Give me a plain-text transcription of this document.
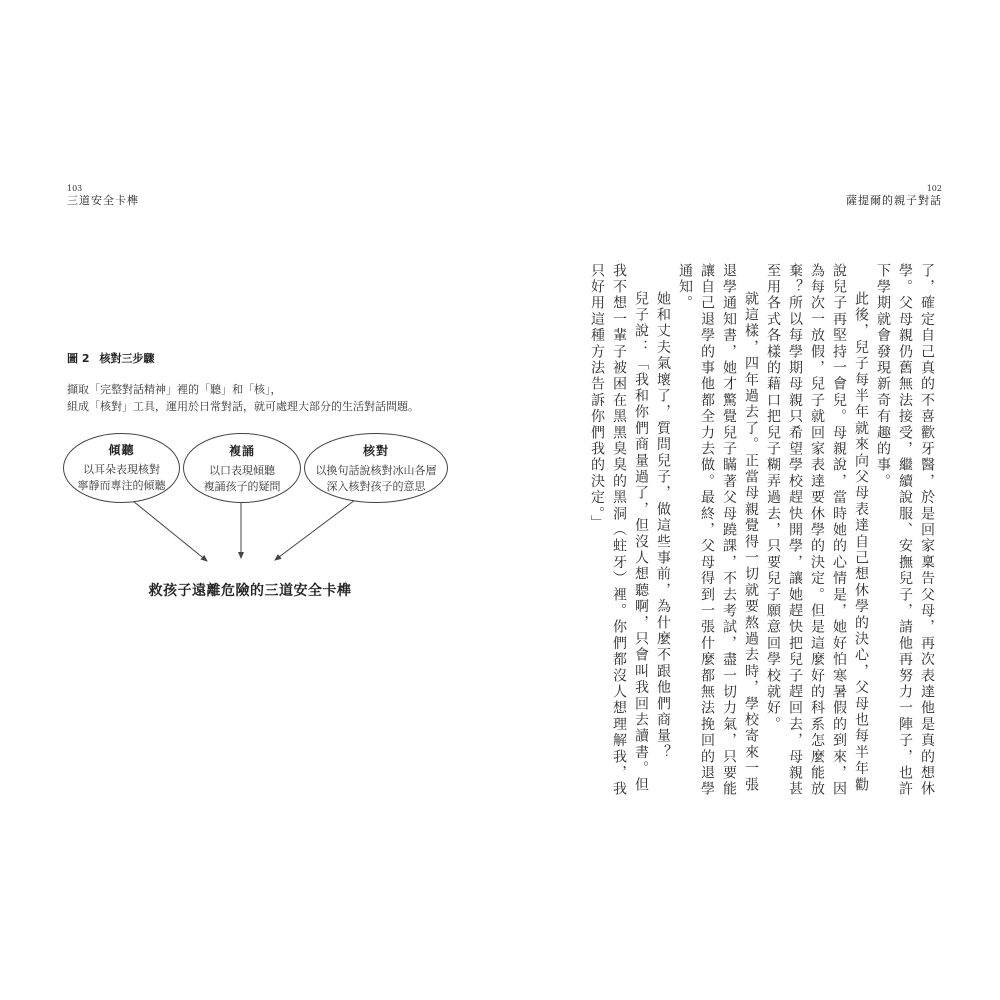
103
三道安全卡榫
圖 2 核對三步驟
擷取「完整對話精神」裡的「聽」和「核」，
組成「核對」工具，運用於日常對話，就可處理大部分的生活對話問題。
傾聽
以耳朵表現核對
寧靜而專注的傾聽
複誦
以口表現傾聽
複誦孩子的疑問
核對
以換句話說核對冰山各層
深入核對孩子的意思
救孩子遠離危險的三道安全卡榫
102
薩提爾的親子對話

了，確定自己真的不喜歡牙醫，於是回家稟告父母，再次表達他是真的想休學。父母親仍舊無法接受，繼續說服、安撫兒子，請他再努力一陣子，也許下學期就會發現新奇有趣的事。

此後，兒子每半年就來向父母表達自己想休學的決心，父母也每半年勸說兒子再堅持一會兒。母親說，當時她的心情是，她好怕寒暑假的到來，因為每次一放假，兒子就回家表達要休學的決定。但是這麼好的科系怎麼能放棄？所以每學期母親只希望學校趕快開學，讓她趕快把兒子趕回去，母親甚至用各式各樣的藉口把兒子糊弄過去，只要兒子願意回學校就好。

就這樣，四年過去了。正當母親覺得一切就要熬過去時，學校寄來一張退學通知書，她才驚覺兒子瞞著父母蹺課，不去考試，盡一切力氣，只要能讓自己退學的事他都全力去做。最終，父母得到一張什麼都無法挽回的退學通知。

她和丈夫氣壞了，質問兒子，做這些事前，為什麼不跟他們商量？

兒子說：「我和你們商量過了，但沒人想聽啊，只會叫我回去讀書。但我不想一輩子被困在黑黑臭臭的黑洞（蛀牙）裡。你們都沒人想理解我，我只好用這種方法告訴你們我的決定。」
